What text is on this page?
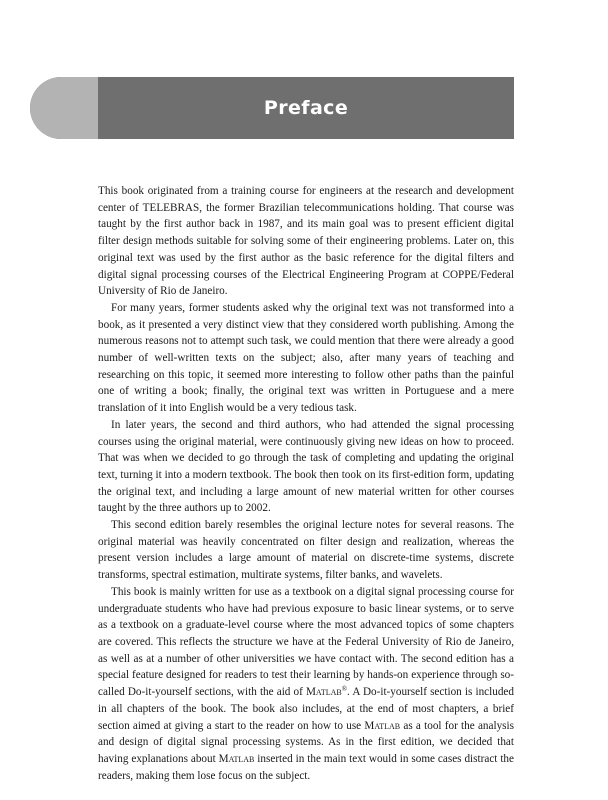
Preface

This book originated from a training course for engineers at the research and development center of TELEBRAS, the former Brazilian telecommunications holding. That course was taught by the first author back in 1987, and its main goal was to present efficient digital filter design methods suitable for solving some of their engineering problems. Later on, this original text was used by the first author as the basic reference for the digital filters and digital signal processing courses of the Electrical Engineering Program at COPPE/Federal University of Rio de Janeiro.

For many years, former students asked why the original text was not transformed into a book, as it presented a very distinct view that they considered worth publishing. Among the numerous reasons not to attempt such task, we could mention that there were already a good number of well-written texts on the subject; also, after many years of teaching and researching on this topic, it seemed more interesting to follow other paths than the painful one of writing a book; finally, the original text was written in Portuguese and a mere translation of it into English would be a very tedious task.

In later years, the second and third authors, who had attended the signal processing courses using the original material, were continuously giving new ideas on how to proceed. That was when we decided to go through the task of completing and updating the original text, turning it into a modern textbook. The book then took on its first-edition form, updating the original text, and including a large amount of new material written for other courses taught by the three authors up to 2002.

This second edition barely resembles the original lecture notes for several reasons. The original material was heavily concentrated on filter design and realization, whereas the present version includes a large amount of material on discrete-time systems, discrete transforms, spectral estimation, multirate systems, filter banks, and wavelets.

This book is mainly written for use as a textbook on a digital signal processing course for undergraduate students who have had previous exposure to basic linear systems, or to serve as a textbook on a graduate-level course where the most advanced topics of some chapters are covered. This reflects the structure we have at the Federal University of Rio de Janeiro, as well as at a number of other universities we have contact with. The second edition has a special feature designed for readers to test their learning by hands-on experience through so-called Do-it-yourself sections, with the aid of Matlab®. A Do-it-yourself section is included in all chapters of the book. The book also includes, at the end of most chapters, a brief section aimed at giving a start to the reader on how to use Matlab as a tool for the analysis and design of digital signal processing systems. As in the first edition, we decided that having explanations about Matlab inserted in the main text would in some cases distract the readers, making them lose focus on the subject.
